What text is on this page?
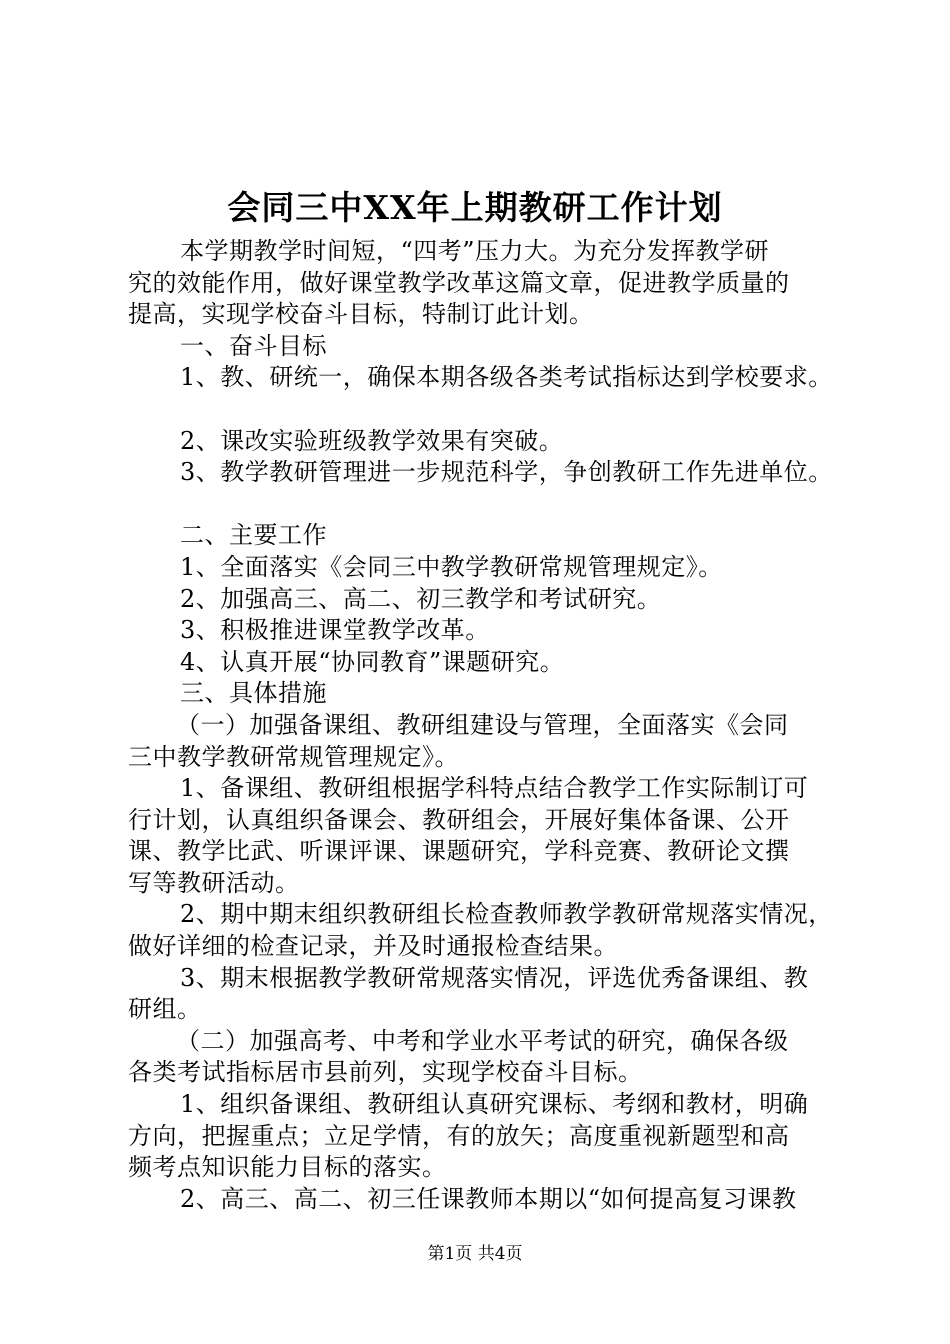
会同三中XX年上期教研工作计划
本学期教学时间短，“四考”压力大。为充分发挥教学研
究的效能作用，做好课堂教学改革这篇文章，促进教学质量的
提高，实现学校奋斗目标，特制订此计划。
一、奋斗目标
1、教、研统一，确保本期各级各类考试指标达到学校要求。
2、课改实验班级教学效果有突破。
3、教学教研管理进一步规范科学，争创教研工作先进单位。
二、主要工作
1、全面落实《会同三中教学教研常规管理规定》。
2、加强高三、高二、初三教学和考试研究。
3、积极推进课堂教学改革。
4、认真开展“协同教育”课题研究。
三、具体措施
（一）加强备课组、教研组建设与管理，全面落实《会同
三中教学教研常规管理规定》。
1、备课组、教研组根据学科特点结合教学工作实际制订可
行计划，认真组织备课会、教研组会，开展好集体备课、公开
课、教学比武、听课评课、课题研究，学科竞赛、教研论文撰
写等教研活动。
2、期中期末组织教研组长检查教师教学教研常规落实情况，
做好详细的检查记录，并及时通报检查结果。
3、期末根据教学教研常规落实情况，评选优秀备课组、教
研组。
（二）加强高考、中考和学业水平考试的研究，确保各级
各类考试指标居市县前列，实现学校奋斗目标。
1、组织备课组、教研组认真研究课标、考纲和教材，明确
方向，把握重点；立足学情，有的放矢；高度重视新题型和高
频考点知识能力目标的落实。
2、高三、高二、初三任课教师本期以“如何提高复习课教
第1页 共4页
